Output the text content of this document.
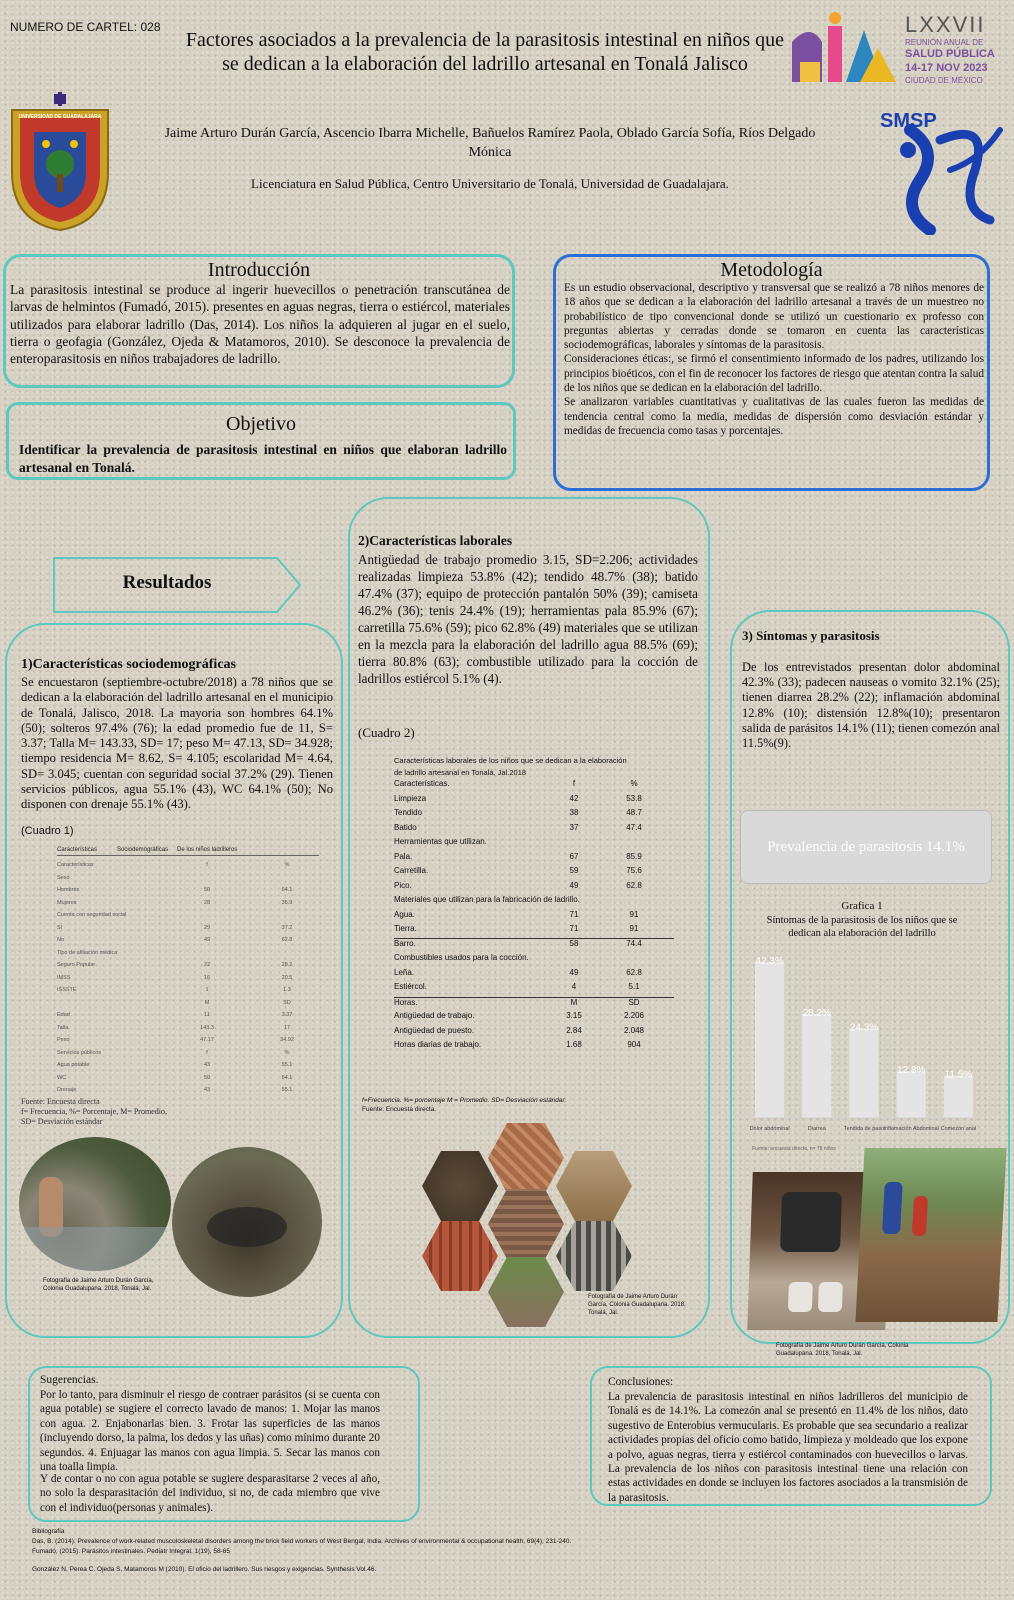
NUMERO DE CARTEL: 028
Factores asociados a la prevalencia de la parasitosis intestinal en niños que se dedican a la elaboración del ladrillo artesanal en Tonalá Jalisco
UNIVERSIDAD DE GUADALAJARA
Jaime Arturo Durán García, Ascencio Ibarra Michelle, Bañuelos Ramírez Paola, Oblado García Sofía, Ríos Delgado Mónica
Licenciatura en Salud Pública, Centro Universitario de Tonalá, Universidad de Guadalajara.
LXXVII
REUNIÓN ANUAL DE
SALUD PÚBLICA
14-17 NOV 2023
CIUDAD DE MÉXICO
SMSP
Introducción
La parasitosis intestinal se produce al ingerir huevecillos o penetración transcutánea de larvas de helmintos (Fumadó, 2015). presentes en aguas negras, tierra o estiércol, materiales utilizados para elaborar ladrillo (Das, 2014). Los niños la adquieren al jugar en el suelo, tierra o geofagia (González, Ojeda & Matamoros, 2010). Se desconoce la prevalencia de enteroparasitosis en niños trabajadores de ladrillo.
Objetivo
Identificar la prevalencia de parasitosis intestinal en niños que elaboran ladrillo artesanal en Tonalá.
Metodología
Es un estudio observacional, descriptivo y transversal que se realizó a 78 niños menores de 18 años que se dedican a la elaboración del ladrillo artesanal a través de un muestreo no probabilístico de tipo convencional donde se utilizó un cuestionario ex professo con preguntas abiertas y cerradas donde se tomaron en cuenta las características sociodemográficas, laborales y síntomas de la parasitosis.
Consideraciones éticas:, se firmó el consentimiento informado de los padres, utilizando los principios bioéticos, con el fin de reconocer los factores de riesgo que atentan contra la salud de los niños que se dedican en la elaboración del ladrillo.
Se analizaron variables cuantitativas y cualitativas de las cuales fueron las medidas de tendencia central como la media, medidas de dispersión como desviación estándar y medidas de frecuencia como tasas y porcentajes.
Resultados
1)Características sociodemográficas
Se encuestaron (septiembre-octubre/2018) a 78 niños que se dedican a la elaboración del ladrillo artesanal en el municipio de Tonalá, Jalisco, 2018. La mayoria son hombres 64.1% (50); solteros 97.4% (76); la edad promedio fue de 11, S= 3.37; Talla M= 143.33, SD= 17; peso M= 47.13, SD= 34.928; tiempo residencia M= 8.62, S= 4.105; escolaridad M= 4.64, SD= 3.045; cuentan con seguridad social 37.2% (29). Tienen servicios públicos, agua 55.1% (43), WC 64.1% (50); No disponen con drenaje 55.1% (43).
(Cuadro 1)
Características	Sociodemográficas	De los niños ladrilleros
Características	f	%
Sexo
Hombres	50	64.1
Mujeres	28	35.9
Cuenta con seguridad social
Sí	29	37.2
No	49	62.8
Tipo de afiliación médica
Seguro Popular	22	28.2
IMSS	16	20.5
ISSSTE	1	1.3
M	SD
Edad	11	3.37
Talla	143.3	17
Peso	47.17	34.92
Servicios públicos	f	%
Agua potable	43	55.1
WC	50	64.1
Drenaje	43	55.1
Fuente: Encuesta directa
f= Frecuencia, %= Porcentaje, M= Promedio,
SD= Desviación estándar
Fotografía de Jaime Arturo Durán García, Colonia Guadalupana. 2018, Tonalá, Jal.
2)Características laborales
Antigüedad de trabajo promedio 3.15, SD=2.206; actividades realizadas limpieza 53.8% (42); tendido 48.7% (38); batido 47.4% (37); equipo de protección pantalón 50% (39); camiseta 46.2% (36); tenis 24.4% (19); herramientas pala 85.9% (67); carretilla 75.6% (59); pico 62.8% (49) materiales que se utilizan en la mezcla para la elaboración del ladrillo agua 88.5% (69); tierra 80.8% (63); combustible utilizado para la cocción de ladrillos estiércol 5.1% (4).
(Cuadro 2)
Características laborales de los niños que se dedican a la elaboración de ladrillo artesanal en Tonalá, Jal.2018
Características.	f	%
Limpieza	42	53.8
Tendido	38	48.7
Batido	37	47.4
Herramientas que utilizan.
Pala.	67	85.9
Carretilla.	59	75.6
Pico.	49	62.8
Materiales que utilizan para la fabricación de ladrillo.
Agua.	71	91
Tierra.	71	91
Barro.	58	74.4
Combustibles usados para la cocción.
Leña.	49	62.8
Estiércol.	4	5.1
Horas.	M	SD
Antigüedad de trabajo.	3.15	2.206
Antigüedad de puesto.	2.84	2.048
Horas diarias de trabajo.	1.68	904
f=Frecuencia. %= porcentaje M = Promedio. SD= Desviación estándar.
Fuente: Encuesta directa.
Fotografía de Jaime Arturo Durán García, Colonia Guadalupana. 2018, Tonalá, Jal.
3) Síntomas y parasitosis
De los entrevistados presentan dolor abdominal 42.3% (33); padecen nauseas o vomito 32.1% (25); tienen diarrea 28.2% (22); inflamación abdominal 12.8% (10); distensión 12.8%(10); presentaron salida de parásitos 14.1% (11); tienen comezón anal 11.5%(9).
Prevalencia de parasitosis 14.1%
Grafica 1
Síntomas de la parasitosis de los niños que se dedican ala elaboración del ladrillo
42.3%
Dolor abdominal
28.2%
Diarrea
24.3%
Tendida de paso
12.8%
Inflamación Abdominal
11.5%
Comezón anal
Fuente: encuesta directa, n= 78 niños
Fotografía de Jaime Arturo Durán García, Colonia Guadalupana. 2018, Tonalá, Jal.
Sugerencias.
Por lo tanto, para disminuir el riesgo de contraer parásitos (si se cuenta con agua potable) se sugiere el correcto lavado de manos: 1. Mojar las manos con agua. 2. Enjabonarlas bien. 3. Frotar las superficies de las manos (incluyendo dorso, la palma, los dedos y las uñas) como mínimo durante 20 segundos. 4. Enjuagar las manos con agua limpia. 5. Secar las manos con una toalla limpia.
Y de contar o no con agua potable se sugiere desparasitarse 2 veces al año, no solo la desparasitación del individuo, si no, de cada miembro que vive con el individuo(personas y animales).
Conclusiones:
La prevalencia de parasitosis intestinal en niños ladrilleros del municipio de Tonalá es de 14.1%. La comezón anal se presentó en 11.4% de los niños, dato sugestivo de Enterobius vermucularis. Es probable que sea secundario a realizar actividades propias del oficio como batido, limpieza y moldeado que los expone a polvo, aguas negras, tierra y estiércol contaminados con huevecillos o larvas. La prevalencia de los niños con parasitosis intestinal tiene una relación con estas actividades en donde se incluyen los factores asociados a la transmisión de la parasitosis.
Bibliografía
Das, B. (2014). Prevalence of work-related musculoskeletal disorders among the brick field workers of West Bengal, India. Archives of environmental & occupational health, 69(4), 231-240.
Fumadó, (2015). Parásitos intestinales. Pediatr Integral, 1(19), 58-65
González N, Perea C. Ojeda S, Matamoros M (2010). El oficio del ladrillero. Sus riesgos y exigencias. Synthesis Vol.46.
